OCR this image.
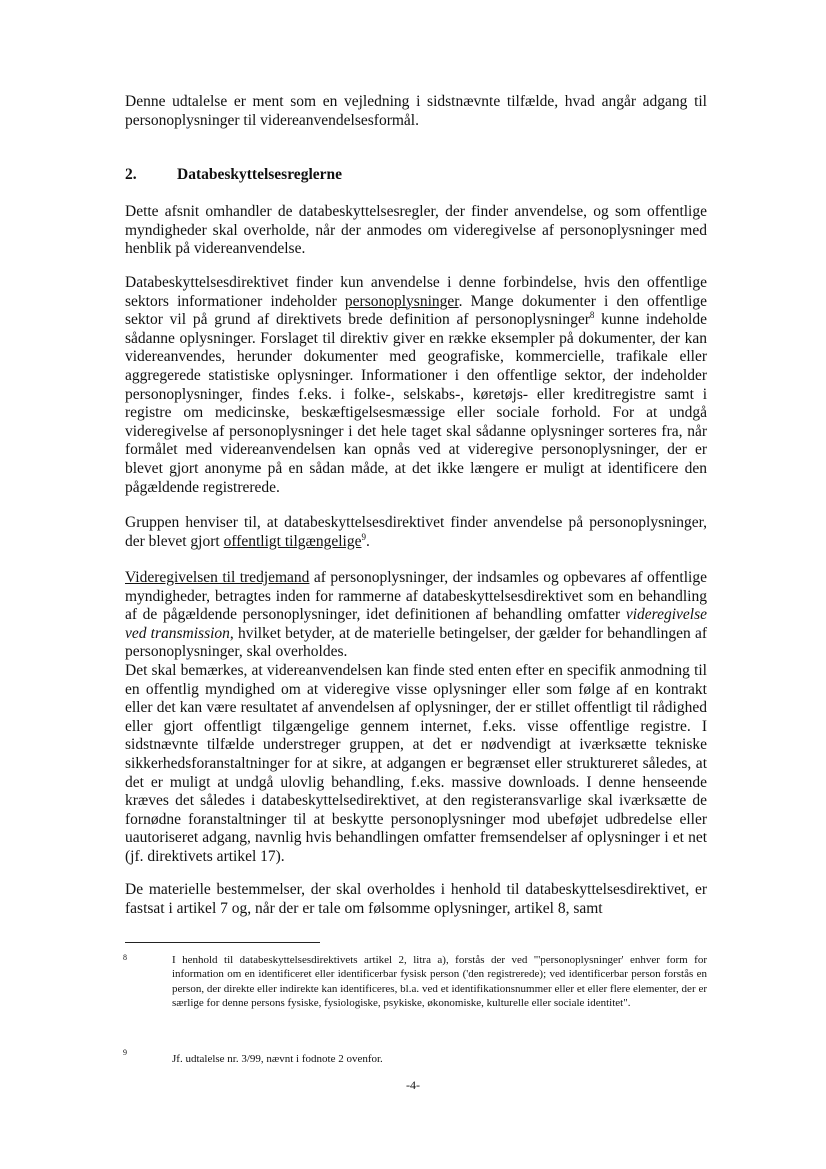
Denne udtalelse er ment som en vejledning i sidstnævnte tilfælde, hvad angår adgang til personoplysninger til videreanvendelsesformål.

2.	Databeskyttelsesreglerne

Dette afsnit omhandler de databeskyttelsesregler, der finder anvendelse, og som offentlige myndigheder skal overholde, når der anmodes om videregivelse af personoplysninger med henblik på videreanvendelse.

Databeskyttelsesdirektivet finder kun anvendelse i denne forbindelse, hvis den offentlige sektors informationer indeholder personoplysninger. Mange dokumenter i den offentlige sektor vil på grund af direktivets brede definition af personoplysninger$^8$ kunne indeholde sådanne oplysninger. Forslaget til direktiv giver en række eksempler på dokumenter, der kan videreanvendes, herunder dokumenter med geografiske, kommercielle, trafikale eller aggregerede statistiske oplysninger. Informationer i den offentlige sektor, der indeholder personoplysninger, findes f.eks. i folke-, selskabs-, køretøjs- eller kreditregistre samt i registre om medicinske, beskæftigelsesmæssige eller sociale forhold. For at undgå videregivelse af personoplysninger i det hele taget skal sådanne oplysninger sorteres fra, når formålet med videreanvendelsen kan opnås ved at videregive personoplysninger, der er blevet gjort anonyme på en sådan måde, at det ikke længere er muligt at identificere den pågældende registrerede.

Gruppen henviser til, at databeskyttelsesdirektivet finder anvendelse på personoplysninger, der blevet gjort offentligt tilgængelige$^9$.

Videregivelsen til tredjemand af personoplysninger, der indsamles og opbevares af offentlige myndigheder, betragtes inden for rammerne af databeskyttelsesdirektivet som en behandling af de pågældende personoplysninger, idet definitionen af behandling omfatter videregivelse ved transmission, hvilket betyder, at de materielle betingelser, der gælder for behandlingen af personoplysninger, skal overholdes.

Det skal bemærkes, at videreanvendelsen kan finde sted enten efter en specifik anmodning til en offentlig myndighed om at videregive visse oplysninger eller som følge af en kontrakt eller det kan være resultatet af anvendelsen af oplysninger, der er stillet offentligt til rådighed eller gjort offentligt tilgængelige gennem internet, f.eks. visse offentlige registre. I sidstnævnte tilfælde understreger gruppen, at det er nødvendigt at iværksætte tekniske sikkerhedsforanstaltninger for at sikre, at adgangen er begrænset eller struktureret således, at det er muligt at undgå ulovlig behandling, f.eks. massive downloads. I denne henseende kræves det således i databeskyttelsedirektivet, at den registeransvarlige skal iværksætte de fornødne foranstaltninger til at beskytte personoplysninger mod ubeføjet udbredelse eller uautoriseret adgang, navnlig hvis behandlingen omfatter fremsendelser af oplysninger i et net (jf. direktivets artikel 17).

De materielle bestemmelser, der skal overholdes i henhold til databeskyttelsesdirektivet, er fastsat i artikel 7 og, når der er tale om følsomme oplysninger, artikel 8, samt

8	I henhold til databeskyttelsesdirektivets artikel 2, litra a), forstås der ved "'personoplysninger' enhver form for information om en identificeret eller identificerbar fysisk person ('den registrerede); ved identificerbar person forstås en person, der direkte eller indirekte kan identificeres, bl.a. ved et identifikationsnummer eller et eller flere elementer, der er særlige for denne persons fysiske, fysiologiske, psykiske, økonomiske, kulturelle eller sociale identitet".
9
Jf. udtalelse nr. 3/99, nævnt i fodnote 2 ovenfor.
-4-
